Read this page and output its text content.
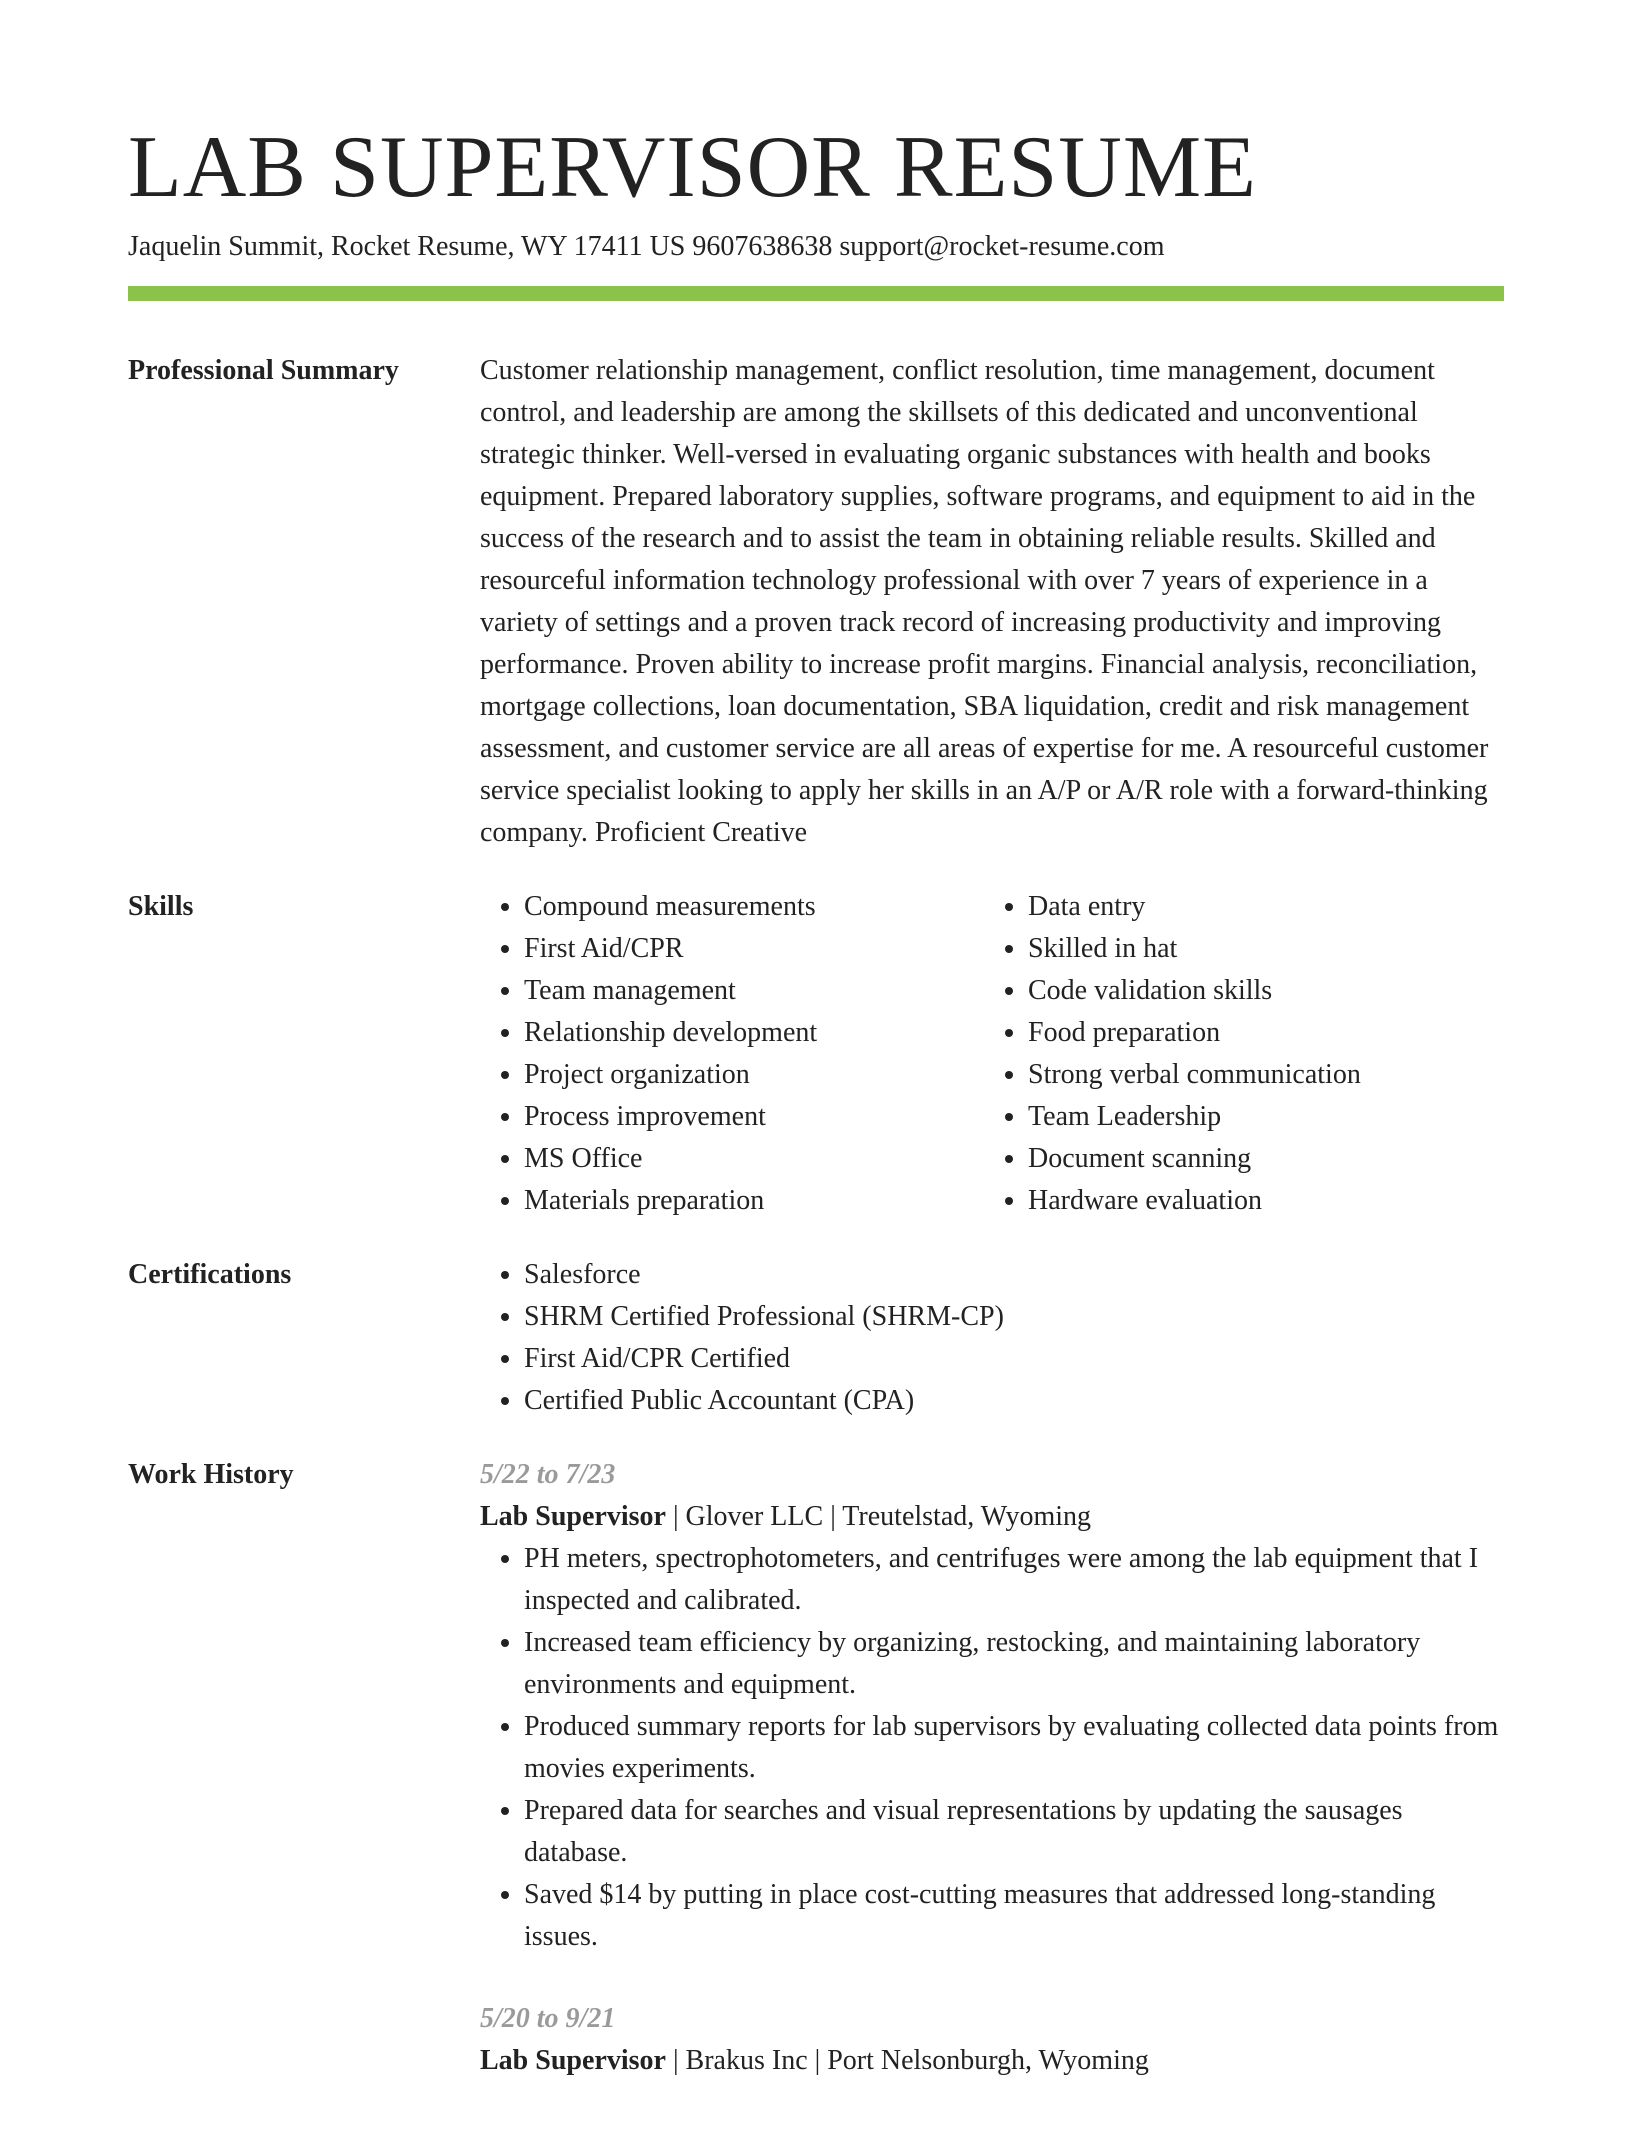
LAB SUPERVISOR RESUME
Jaquelin Summit, Rocket Resume, WY 17411 US 9607638638 support@rocket-resume.com
Professional Summary	Customer relationship management, conflict resolution, time management, document control, and leadership are among the skillsets of this dedicated and unconventional strategic thinker. Well-versed in evaluating organic substances with health and books equipment. Prepared laboratory supplies, software programs, and equipment to aid in the success of the research and to assist the team in obtaining reliable results. Skilled and resourceful information technology professional with over 7 years of experience in a variety of settings and a proven track record of increasing productivity and improving performance. Proven ability to increase profit margins. Financial analysis, reconciliation, mortgage collections, loan documentation, SBA liquidation, credit and risk management assessment, and customer service are all areas of expertise for me. A resourceful customer service specialist looking to apply her skills in an A/P or A/R role with a forward-thinking company. Proficient Creative

Skills	• Compound measurements
• First Aid/CPR
• Team management
• Relationship development
• Project organization
• Process improvement
• MS Office
• Materials preparation
• Data entry
• Skilled in hat
• Code validation skills
• Food preparation
• Strong verbal communication
• Team Leadership
• Document scanning
• Hardware evaluation
Certifications	• Salesforce
• SHRM Certified Professional (SHRM-CP)
• First Aid/CPR Certified
• Certified Public Accountant (CPA)
Work History	5/22 to 7/23
Lab Supervisor | Glover LLC | Treutelstad, Wyoming
• PH meters, spectrophotometers, and centrifuges were among the lab equipment that I inspected and calibrated.
• Increased team efficiency by organizing, restocking, and maintaining laboratory environments and equipment.
• Produced summary reports for lab supervisors by evaluating collected data points from movies experiments.
• Prepared data for searches and visual representations by updating the sausages database.
• Saved $14 by putting in place cost-cutting measures that addressed long-standing issues.
5/20 to 9/21
Lab Supervisor | Brakus Inc | Port Nelsonburgh, Wyoming
